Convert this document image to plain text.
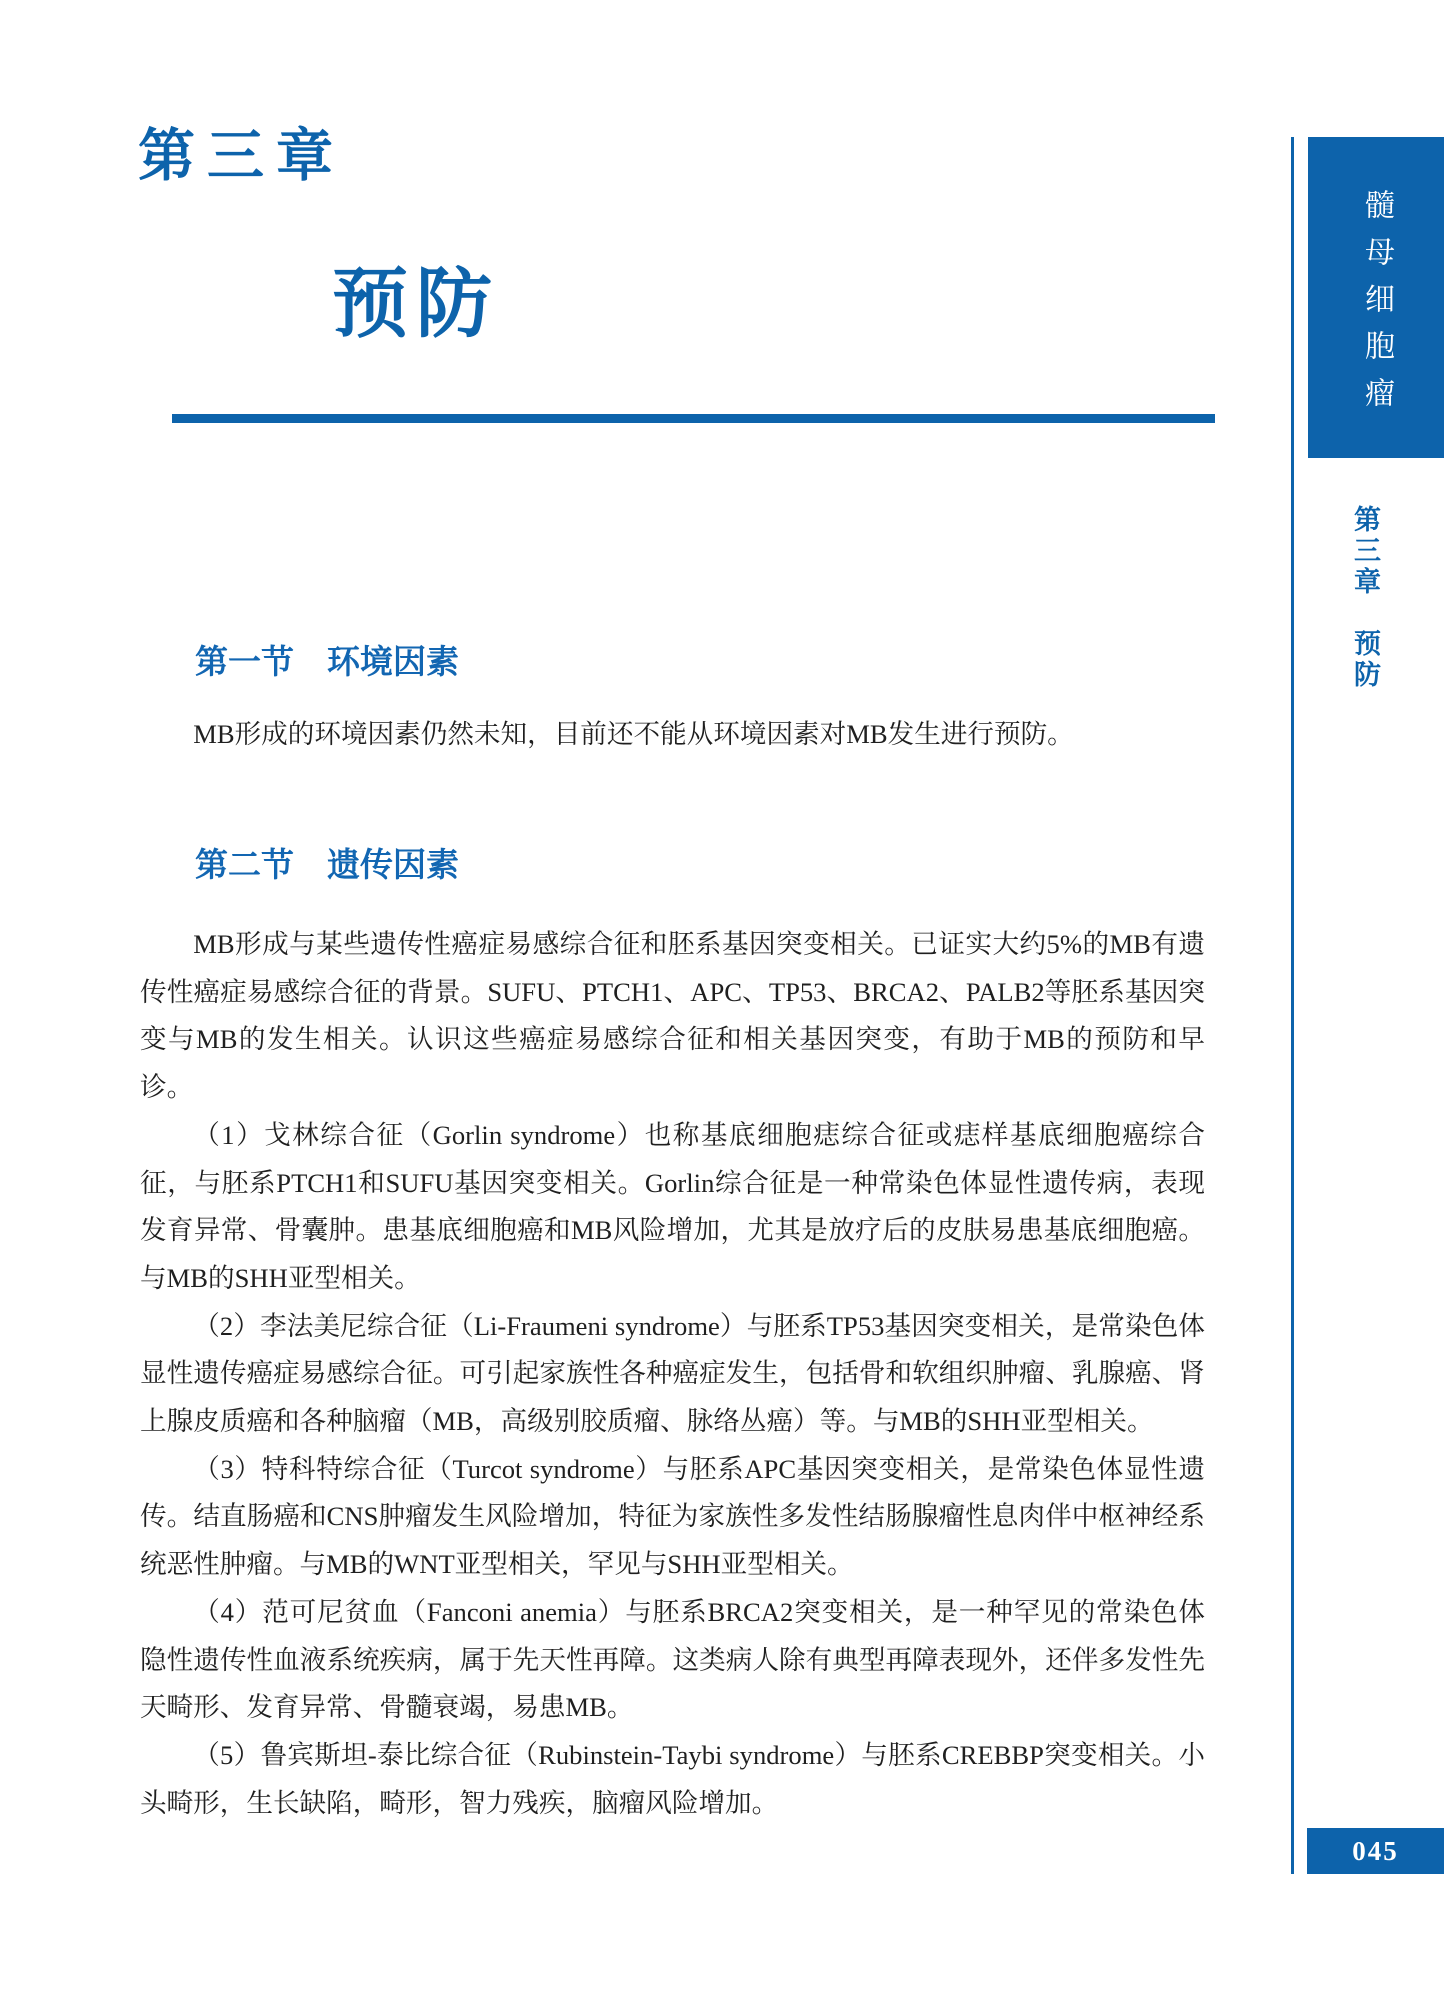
第三章
预防	髓母细胞瘤
第三章　预防
045
第一节　环境因素

MB形成的环境因素仍然未知，目前还不能从环境因素对MB发生进行预防。

第二节　遗传因素

MB形成与某些遗传性癌症易感综合征和胚系基因突变相关。已证实大约5%的MB有遗传性癌症易感综合征的背景。SUFU、PTCH1、APC、TP53、BRCA2、PALB2等胚系基因突变与MB的发生相关。认识这些癌症易感综合征和相关基因突变，有助于MB的预防和早诊。

（1）戈林综合征（Gorlin syndrome）也称基底细胞痣综合征或痣样基底细胞癌综合征，与胚系PTCH1和SUFU基因突变相关。Gorlin综合征是一种常染色体显性遗传病，表现发育异常、骨囊肿。患基底细胞癌和MB风险增加，尤其是放疗后的皮肤易患基底细胞癌。与MB的SHH亚型相关。

（2）李法美尼综合征（Li-Fraumeni syndrome）与胚系TP53基因突变相关，是常染色体显性遗传癌症易感综合征。可引起家族性各种癌症发生，包括骨和软组织肿瘤、乳腺癌、肾上腺皮质癌和各种脑瘤（MB，高级别胶质瘤、脉络丛癌）等。与MB的SHH亚型相关。

（3）特科特综合征（Turcot syndrome）与胚系APC基因突变相关，是常染色体显性遗传。结直肠癌和CNS肿瘤发生风险增加，特征为家族性多发性结肠腺瘤性息肉伴中枢神经系统恶性肿瘤。与MB的WNT亚型相关，罕见与SHH亚型相关。

（4）范可尼贫血（Fanconi anemia）与胚系BRCA2突变相关，是一种罕见的常染色体隐性遗传性血液系统疾病，属于先天性再障。这类病人除有典型再障表现外，还伴多发性先天畸形、发育异常、骨髓衰竭，易患MB。

（5）鲁宾斯坦-泰比综合征（Rubinstein-Taybi syndrome）与胚系CREBBP突变相关。小头畸形，生长缺陷，畸形，智力残疾，脑瘤风险增加。
